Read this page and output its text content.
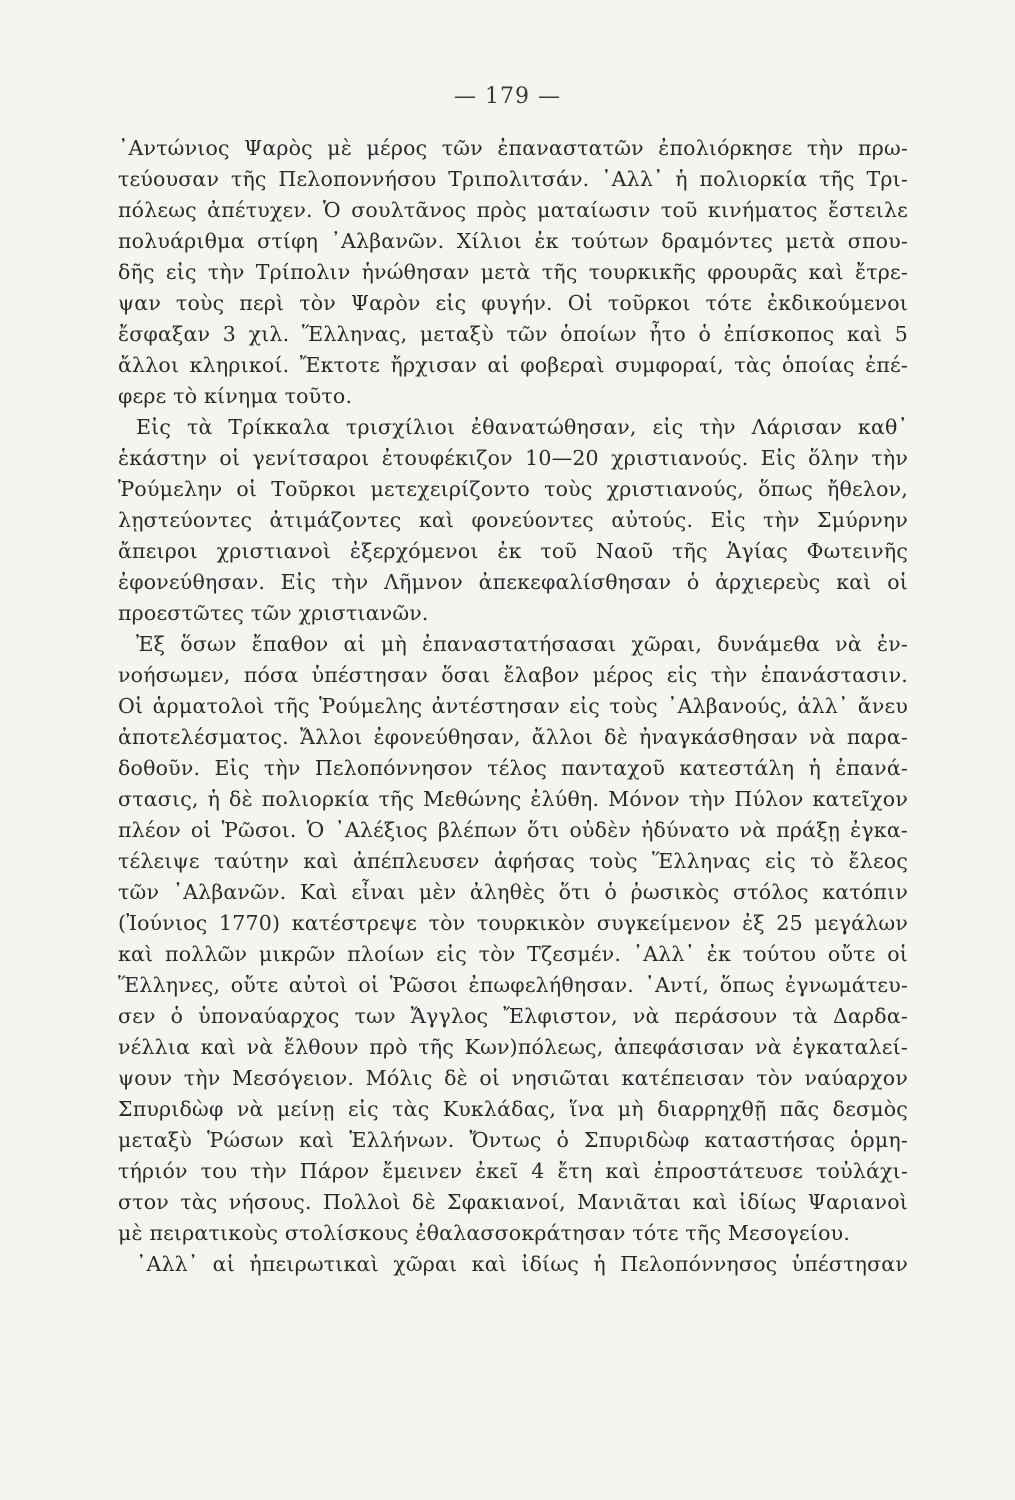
— 179 —
᾿Αντώνιος Ψαρὸς μὲ μέρος τῶν ἐπαναστατῶν ἐπολιόρκησε τὴν πρω-
τεύουσαν τῆς Πελοποννήσου Τριπολιτσάν. ᾿Αλλ᾿ ἡ πολιορκία τῆς Τρι-
πόλεως ἀπέτυχεν. Ὁ σουλτᾶνος πρὸς ματαίωσιν τοῦ κινήματος ἔστειλε
πολυάριθμα στίφη ᾿Αλβανῶν. Χίλιοι ἐκ τούτων δραμόντες μετὰ σπου-
δῆς εἰς τὴν Τρίπολιν ἡνώθησαν μετὰ τῆς τουρκικῆς φρουρᾶς καὶ ἔτρε-
ψαν τοὺς περὶ τὸν Ψαρὸν εἰς φυγήν. Οἱ τοῦρκοι τότε ἐκδικούμενοι
ἔσφαξαν 3 χιλ. Ἕλληνας, μεταξὺ τῶν ὁποίων ἦτο ὁ ἐπίσκοπος καὶ 5
ἄλλοι κληρικοί. Ἔκτοτε ἤρχισαν αἱ φοβεραὶ συμφοραί, τὰς ὁποίας ἐπέ-
φερε τὸ κίνημα τοῦτο.
Εἰς τὰ Τρίκκαλα τρισχίλιοι ἐθανατώθησαν, εἰς τὴν Λάρισαν καθ᾿
ἑκάστην οἱ γενίτσαροι ἐτουφέκιζον 10—20 χριστιανούς. Εἰς ὅλην τὴν
Ῥούμελην οἱ Τοῦρκοι μετεχειρίζοντο τοὺς χριστιανούς, ὅπως ἤθελον,
λῃστεύοντες ἀτιμάζοντες καὶ φονεύοντες αὐτούς. Εἰς τὴν Σμύρνην
ἄπειροι χριστιανοὶ ἐξερχόμενοι ἐκ τοῦ Ναοῦ τῆς Ἁγίας Φωτεινῆς
ἐφονεύθησαν. Εἰς τὴν Λῆμνον ἀπεκεφαλίσθησαν ὁ ἀρχιερεὺς καὶ οἱ
προεστῶτες τῶν χριστιανῶν.
Ἐξ ὅσων ἔπαθον αἱ μὴ ἐπαναστατήσασαι χῶραι, δυνάμεθα νὰ ἐν-
νοήσωμεν, πόσα ὑπέστησαν ὅσαι ἔλαβον μέρος εἰς τὴν ἐπανάστασιν.
Οἱ ἁρματολοὶ τῆς Ῥούμελης ἀντέστησαν εἰς τοὺς ᾿Αλβανούς, ἀλλ᾿ ἄνευ
ἀποτελέσματος. Ἄλλοι ἐφονεύθησαν, ἄλλοι δὲ ἠναγκάσθησαν νὰ παρα-
δοθοῦν. Εἰς τὴν Πελοπόννησον τέλος πανταχοῦ κατεστάλη ἡ ἐπανά-
στασις, ἡ δὲ πολιορκία τῆς Μεθώνης ἐλύθη. Μόνον τὴν Πύλον κατεῖχον
πλέον οἱ Ῥῶσοι. Ὁ ᾿Αλέξιος βλέπων ὅτι οὐδὲν ἠδύνατο νὰ πράξῃ ἐγκα-
τέλειψε ταύτην καὶ ἀπέπλευσεν ἀφήσας τοὺς Ἕλληνας εἰς τὸ ἔλεος
τῶν ᾿Αλβανῶν. Καὶ εἶναι μὲν ἀληθὲς ὅτι ὁ ῥωσικὸς στόλος κατόπιν
(Ἰούνιος 1770) κατέστρεψε τὸν τουρκικὸν συγκείμενον ἐξ 25 μεγάλων
καὶ πολλῶν μικρῶν πλοίων εἰς τὸν Τζεσμέν. ᾿Αλλ᾿ ἐκ τούτου οὔτε οἱ
Ἕλληνες, οὔτε αὐτοὶ οἱ Ῥῶσοι ἐπωφελήθησαν. ᾿Αντί, ὅπως ἐγνωμάτευ-
σεν ὁ ὑποναύαρχος των Ἄγγλος Ἔλφιστον, νὰ περάσουν τὰ Δαρδα-
νέλλια καὶ νὰ ἔλθουν πρὸ τῆς Κων)πόλεως, ἀπεφάσισαν νὰ ἐγκαταλεί-
ψουν τὴν Μεσόγειον. Μόλις δὲ οἱ νησιῶται κατέπεισαν τὸν ναύαρχον
Σπυριδὼφ νὰ μείνῃ εἰς τὰς Κυκλάδας, ἵνα μὴ διαρρηχθῇ πᾶς δεσμὸς
μεταξὺ Ῥώσων καὶ Ἑλλήνων. Ὄντως ὁ Σπυριδὼφ καταστήσας ὁρμη-
τήριόν του τὴν Πάρον ἔμεινεν ἐκεῖ 4 ἔτη καὶ ἐπροστάτευσε τοὐλάχι-
στον τὰς νήσους. Πολλοὶ δὲ Σφακιανοί, Μανιᾶται καὶ ἰδίως Ψαριανοὶ
μὲ πειρατικοὺς στολίσκους ἐθαλασσοκράτησαν τότε τῆς Μεσογείου.
᾿Αλλ᾿ αἱ ἠπειρωτικαὶ χῶραι καὶ ἰδίως ἡ Πελοπόννησος ὑπέστησαν
